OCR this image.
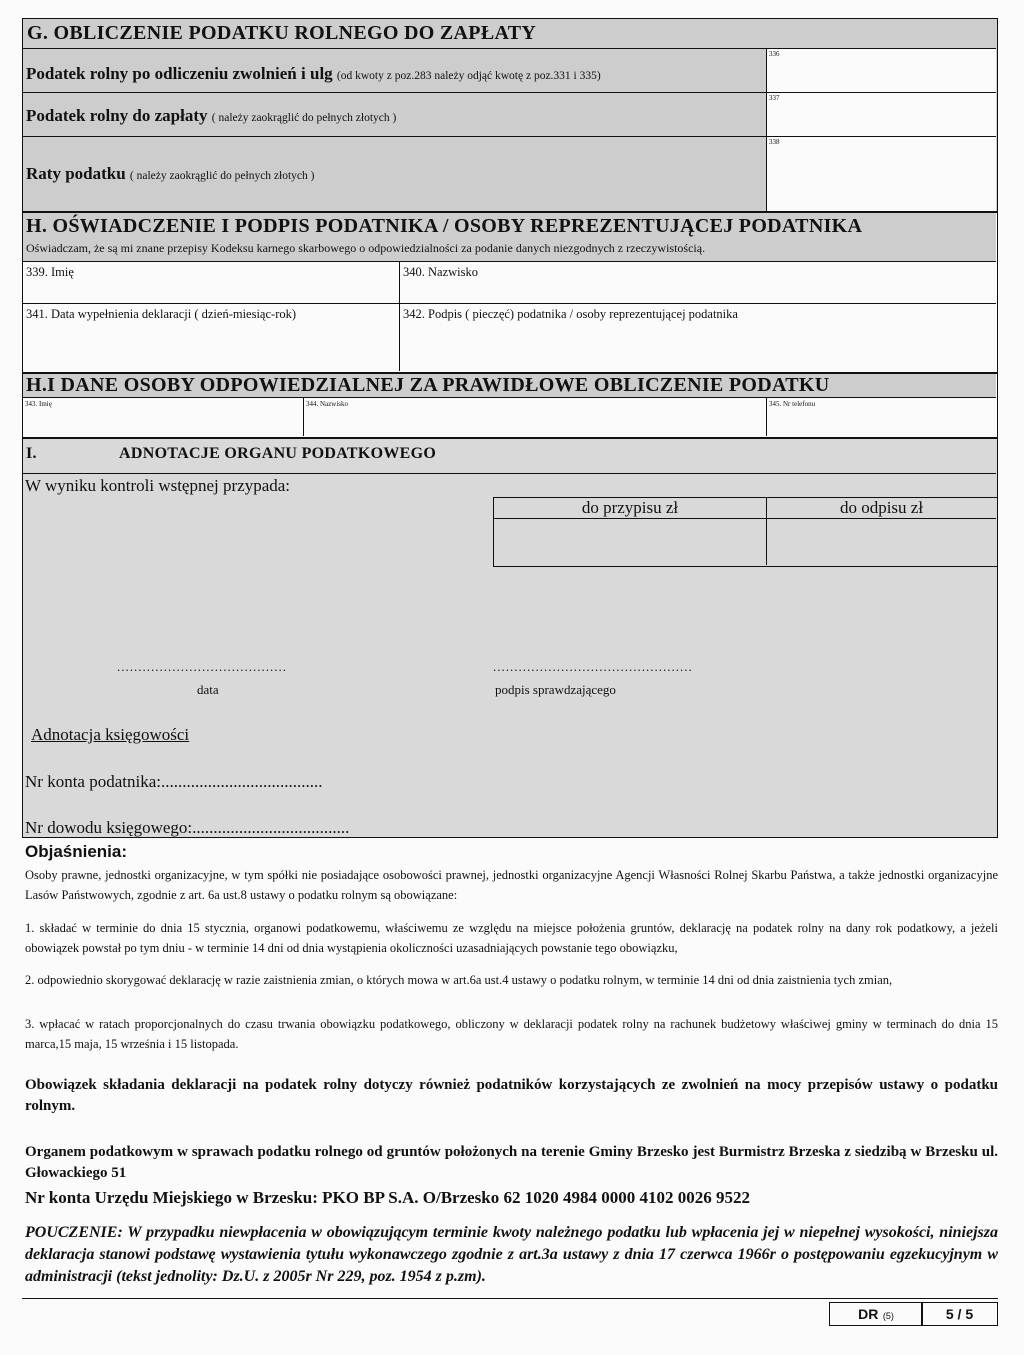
G. OBLICZENIE PODATKU ROLNEGO DO ZAPŁATY
Podatek rolny po odliczeniu zwolnień i ulg (od kwoty z poz.283 należy odjąć kwotę z poz.331 i 335)
336
Podatek rolny do zapłaty ( należy zaokrąglić do pełnych złotych )
337
Raty podatku ( należy zaokrąglić do pełnych złotych )
338
H. OŚWIADCZENIE I PODPIS PODATNIKA / OSOBY REPREZENTUJĄCEJ PODATNIKA
Oświadczam, że są mi znane przepisy Kodeksu karnego skarbowego o odpowiedzialności za podanie danych niezgodnych z rzeczywistością.
339. Imię	340. Nazwisko
341. Data wypełnienia deklaracji ( dzień-miesiąc-rok)	342. Podpis ( pieczęć) podatnika / osoby reprezentującej podatnika
H.I DANE OSOBY ODPOWIEDZIALNEJ ZA PRAWIDŁOWE OBLICZENIE PODATKU
343. Imię	344. Nazwisko	345. Nr telefonu
I.	ADNOTACJE ORGANU PODATKOWEGO
W wyniku kontroli wstępnej przypada:
do przypisu zł	do odpisu zł
........................................	...............................................
data	podpis sprawdzającego
Adnotacja księgowości
Nr konta podatnika:......................................
Nr dowodu księgowego:.....................................
Objaśnienia:
Osoby prawne, jednostki organizacyjne, w tym spółki nie posiadające osobowości prawnej, jednostki organizacyjne Agencji Własności Rolnej Skarbu Państwa, a także jednostki organizacyjne Lasów Państwowych, zgodnie z art. 6a ust.8 ustawy o podatku rolnym są obowiązane:
1. składać w terminie do dnia 15 stycznia, organowi podatkowemu, właściwemu ze względu na miejsce położenia gruntów, deklarację na podatek rolny na dany rok podatkowy, a jeżeli obowiązek powstał po tym dniu - w terminie 14 dni od dnia wystąpienia okoliczności uzasadniających powstanie tego obowiązku,
2. odpowiednio skorygować deklarację w razie zaistnienia zmian, o których mowa w art.6a ust.4 ustawy o podatku rolnym, w terminie 14 dni od dnia zaistnienia tych zmian,
3. wpłacać w ratach proporcjonalnych do czasu trwania obowiązku podatkowego, obliczony w deklaracji podatek rolny na rachunek budżetowy właściwej gminy w terminach do dnia 15 marca,15 maja, 15 września i 15 listopada.
Obowiązek składania deklaracji na podatek rolny dotyczy również podatników korzystających ze zwolnień na mocy przepisów ustawy o podatku rolnym.
Organem podatkowym w sprawach podatku rolnego od gruntów położonych na terenie Gminy Brzesko jest Burmistrz Brzeska z siedzibą w Brzesku ul. Głowackiego 51
Nr konta Urzędu Miejskiego w Brzesku: PKO BP S.A. O/Brzesko 62 1020 4984 0000 4102 0026 9522
POUCZENIE: W przypadku niewpłacenia w obowiązującym terminie kwoty należnego podatku lub wpłacenia jej w niepełnej wysokości, niniejsza deklaracja stanowi podstawę wystawienia tytułu wykonawczego zgodnie z art.3a ustawy z dnia 17 czerwca 1966r o postępowaniu egzekucyjnym w administracji (tekst jednolity: Dz.U. z 2005r Nr 229, poz. 1954 z p.zm).
DR (5)	5 / 5
